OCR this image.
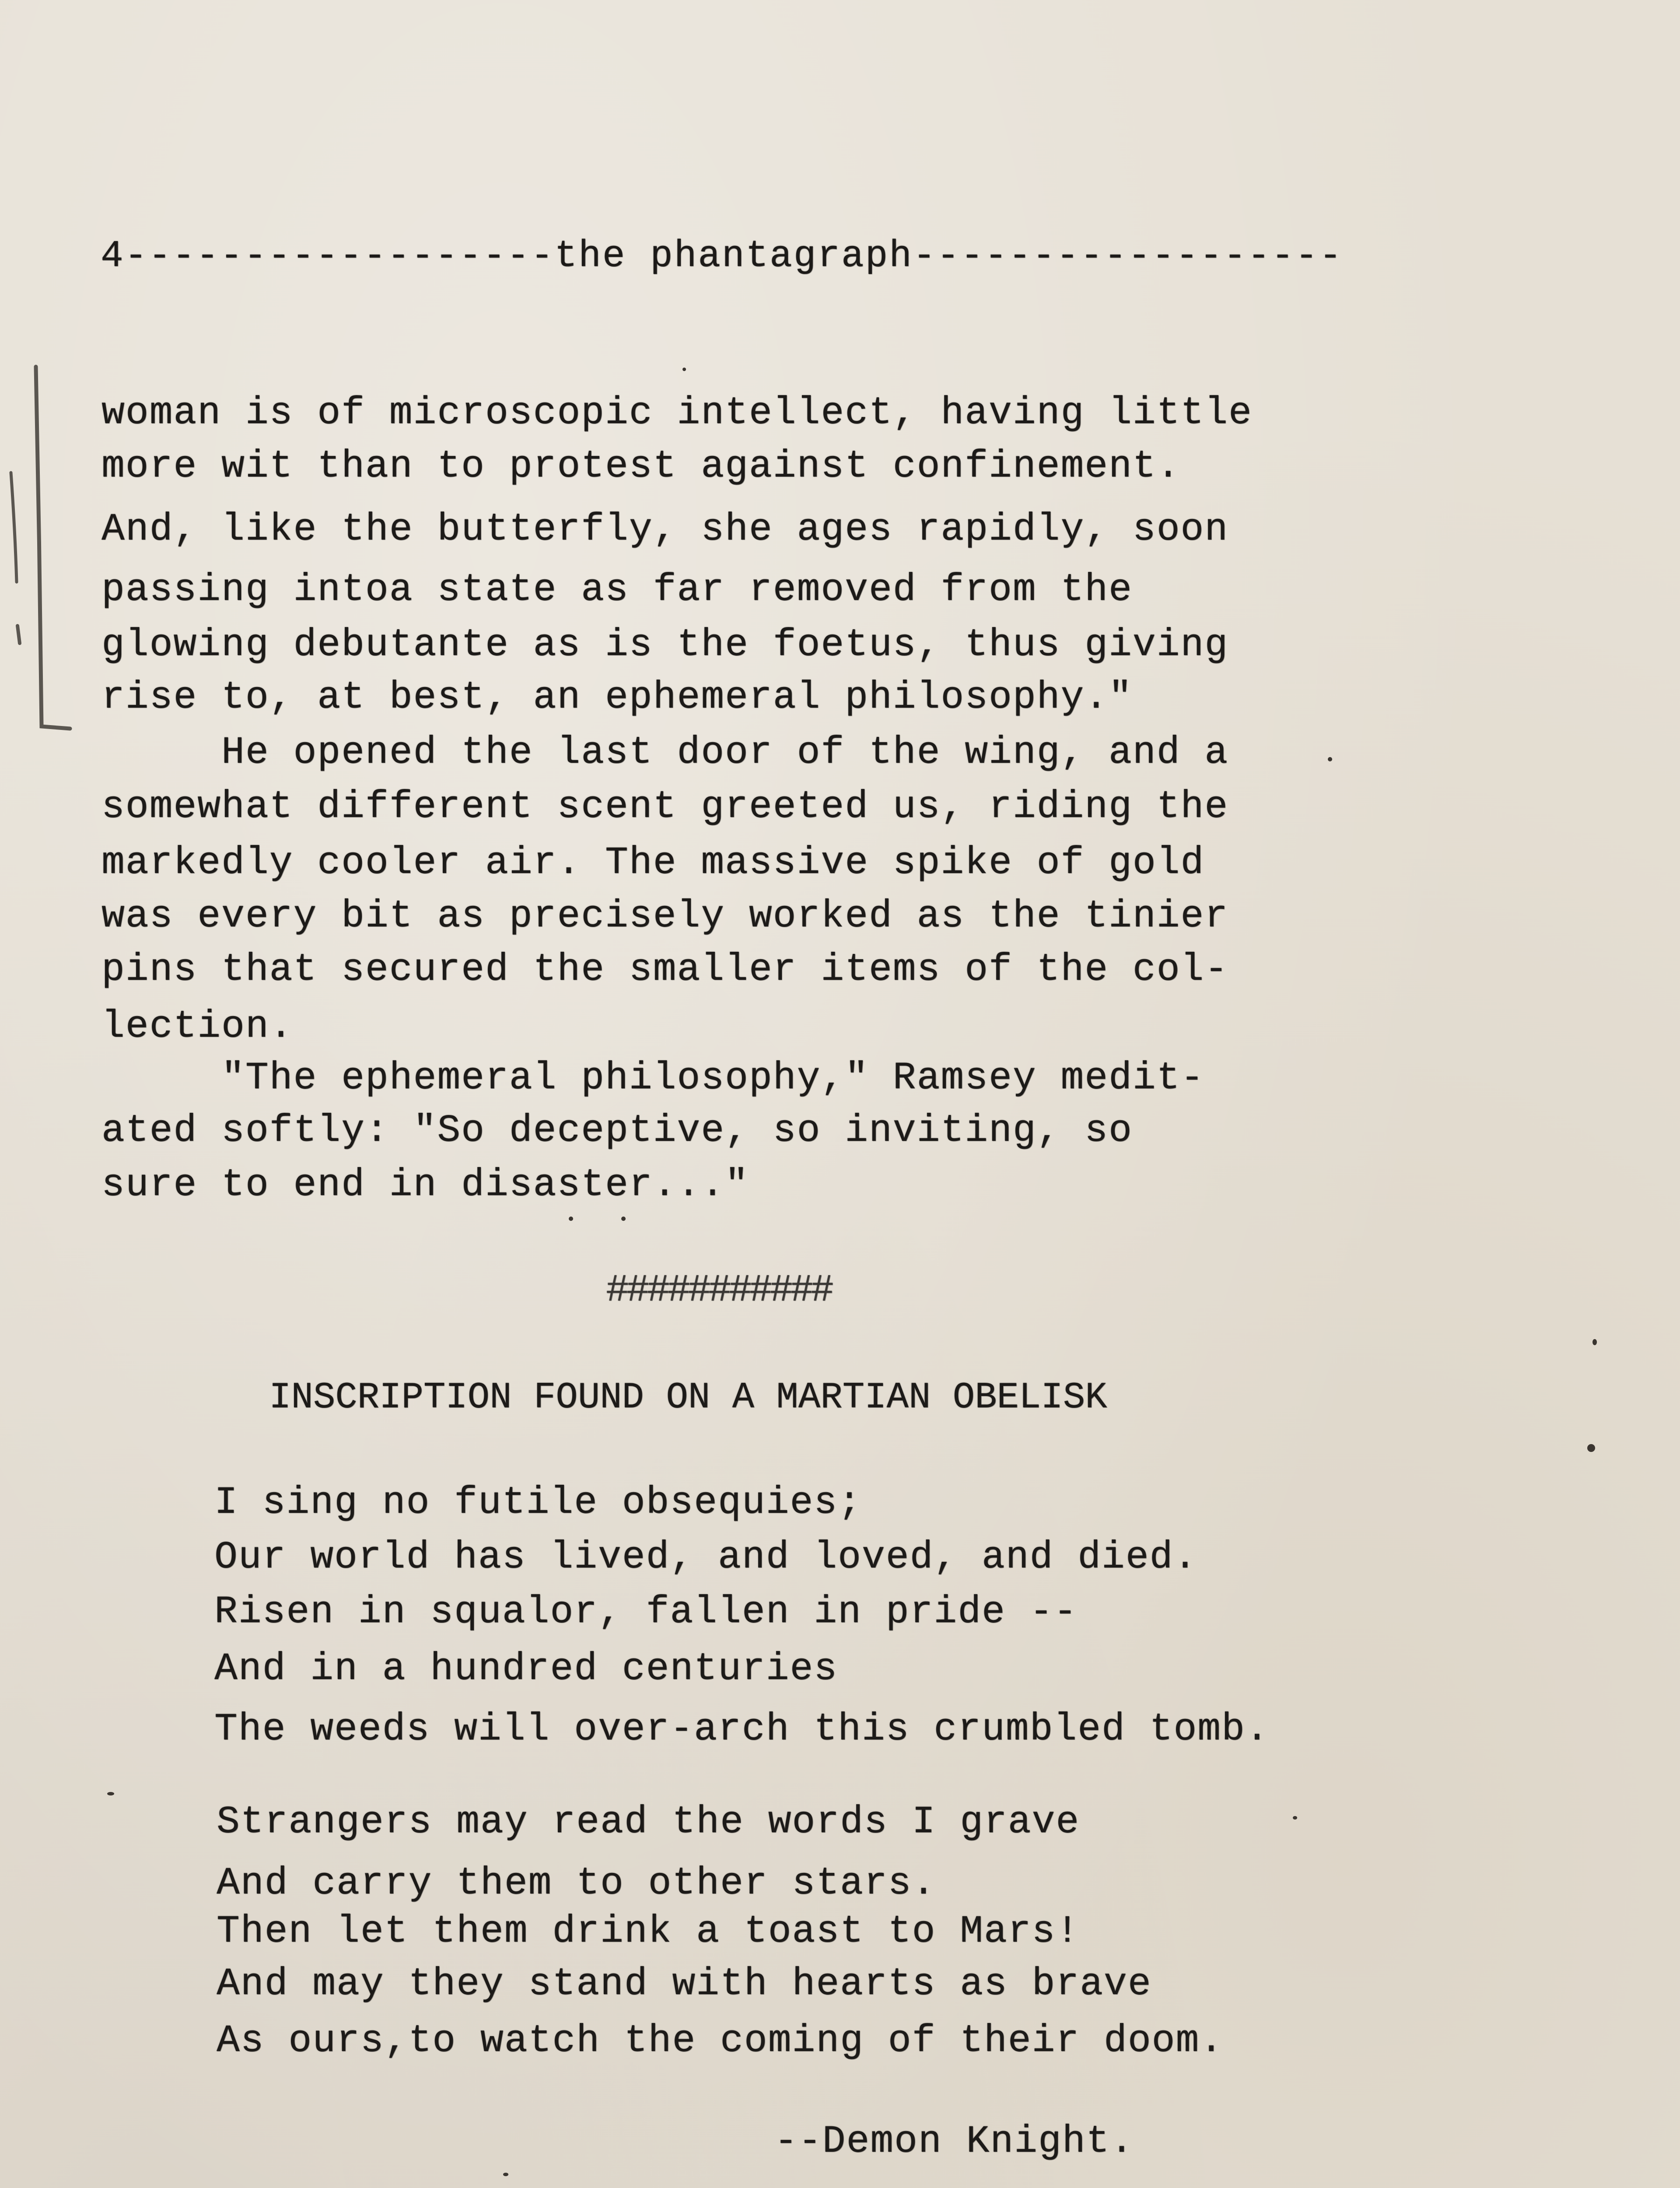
4------------------the phantagraph------------------
woman is of microscopic intellect, having little
more wit than to protest against confinement.
And, like the butterfly, she ages rapidly, soon
passing intoa state as far removed from the
glowing debutante as is the foetus, thus giving
rise to, at best, an ephemeral philosophy."
He opened the last door of the wing, and a
somewhat different scent greeted us, riding the
markedly cooler air. The massive spike of gold
was every bit as precisely worked as the tinier
pins that secured the smaller items of the col-
lection.
"The ephemeral philosophy," Ramsey medit-
ated softly: "So deceptive, so inviting, so
sure to end in disaster..."
###########
INSCRIPTION FOUND ON A MARTIAN OBELISK
I sing no futile obsequies;
Our world has lived, and loved, and died.
Risen in squalor, fallen in pride --
And in a hundred centuries
The weeds will over-arch this crumbled tomb.
Strangers may read the words I grave
And carry them to other stars.
Then let them drink a toast to Mars!
And may they stand with hearts as brave
As ours,to watch the coming of their doom.
--Demon Knight.
